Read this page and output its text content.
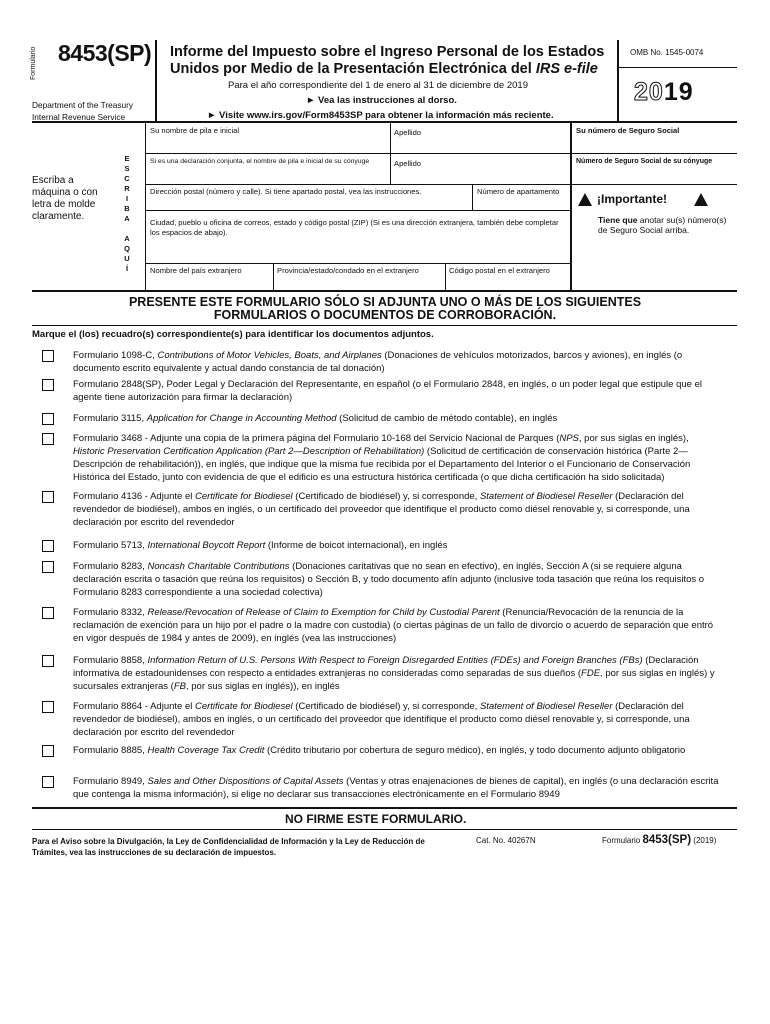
Formulario 8453(SP) Informe del Impuesto sobre el Ingreso Personal de los Estados
Unidos por Medio de la Presentación Electrónica del IRS e-file
Para el año correspondiente del 1 de enero al 31 de diciembre de 2019
► Vea las instrucciones al dorso.
► Visite www.irs.gov/Form8453SP para obtener la información más reciente.
Department of the Treasury
Internal Revenue Service
OMB No. 1545-0074
2019
Su nombre de pila e inicial	Apellido	Su número de Seguro Social
Si es una declaración conjunta, el nombre de pila e inicial de su cónyuge	Apellido	Número de Seguro Social de su cónyuge
Dirección postal (número y calle). Si tiene apartado postal, vea las instrucciones.	Número de apartamento
Ciudad, pueblo u oficina de correos, estado y código postal (ZIP) (Si es una dirección extranjera, también debe completar los espacios de abajo).
Nombre del país extranjero	Provincia/estado/condado en el extranjero	Código postal en el extranjero
Escriba a máquina o con letra de molde claramente.
E
S
C
R
I
B
A

A
Q
U
Í
¡Importante!
Tiene que anotar su(s) número(s) de Seguro Social arriba.
PRESENTE ESTE FORMULARIO SÓLO SI ADJUNTA UNO O MÁS DE LOS SIGUIENTES
FORMULARIOS O DOCUMENTOS DE CORROBORACIÓN.
Marque el (los) recuadro(s) correspondiente(s) para identificar los documentos adjuntos.
Formulario 1098-C, Contributions of Motor Vehicles, Boats, and Airplanes (Donaciones de vehículos motorizados, barcos y aviones), en inglés (o documento escrito equivalente y actual dando constancia de tal donación)
Formulario 2848(SP), Poder Legal y Declaración del Representante, en español (o el Formulario 2848, en inglés, o un poder legal que estipule que el agente tiene autorización para firmar la declaración)
Formulario 3115, Application for Change in Accounting Method (Solicitud de cambio de método contable), en inglés
Formulario 3468 - Adjunte una copia de la primera página del Formulario 10-168 del Servicio Nacional de Parques (NPS, por sus siglas en inglés), Historic Preservation Certification Application (Part 2—Description of Rehabilitation) (Solicitud de certificación de conservación histórica (Parte 2—Descripción de rehabilitación)), en inglés, que indique que la misma fue recibida por el Departamento del Interior o el Funcionario de Conservación Histórica del Estado, junto con evidencia de que el edificio es una estructura histórica certificada (o que dicha certificación ha sido solicitada)
Formulario 4136 - Adjunte el Certificate for Biodiesel (Certificado de biodiésel) y, si corresponde, Statement of Biodiesel Reseller (Declaración del revendedor de biodiésel), ambos en inglés, o un certificado del proveedor que identifique el producto como diésel renovable y, si corresponde, una declaración por escrito del revendedor
Formulario 5713, International Boycott Report (Informe de boicot internacional), en inglés
Formulario 8283, Noncash Charitable Contributions (Donaciones caritativas que no sean en efectivo), en inglés, Sección A (si se requiere alguna declaración escrita o tasación que reúna los requisitos) o Sección B, y todo documento afín adjunto (inclusive toda tasación que reúna los requisitos o Formulario 8283 correspondiente a una sociedad colectiva)
Formulario 8332, Release/Revocation of Release of Claim to Exemption for Child by Custodial Parent (Renuncia/Revocación de la renuncia de la reclamación de exención para un hijo por el padre o la madre con custodia) (o ciertas páginas de un fallo de divorcio o acuerdo de separación que entró en vigor después de 1984 y antes de 2009), en inglés (vea las instrucciones)
Formulario 8858, Information Return of U.S. Persons With Respect to Foreign Disregarded Entities (FDEs) and Foreign Branches (FBs) (Declaración informativa de estadounidenses con respecto a entidades extranjeras no consideradas como separadas de sus dueños (FDE, por sus siglas en inglés) y sucursales extranjeras (FB, por sus siglas en inglés)), en inglés
Formulario 8864 - Adjunte el Certificate for Biodiesel (Certificado de biodiésel) y, si corresponde, Statement of Biodiesel Reseller (Declaración del revendedor de biodiésel), ambos en inglés, o un certificado del proveedor que identifique el producto como diésel renovable y, si corresponde, una declaración por escrito del revendedor
Formulario 8885, Health Coverage Tax Credit (Crédito tributario por cobertura de seguro médico), en inglés, y todo documento adjunto obligatorio
Formulario 8949, Sales and Other Dispositions of Capital Assets (Ventas y otras enajenaciones de bienes de capital), en inglés (o una declaración escrita que contenga la misma información), si elige no declarar sus transacciones electrónicamente en el Formulario 8949
NO FIRME ESTE FORMULARIO.
Para el Aviso sobre la Divulgación, la Ley de Confidencialidad de Información y la Ley de Reducción de Trámites, vea las instrucciones de su declaración de impuestos.
Cat. No. 40267N	Formulario 8453(SP) (2019)
